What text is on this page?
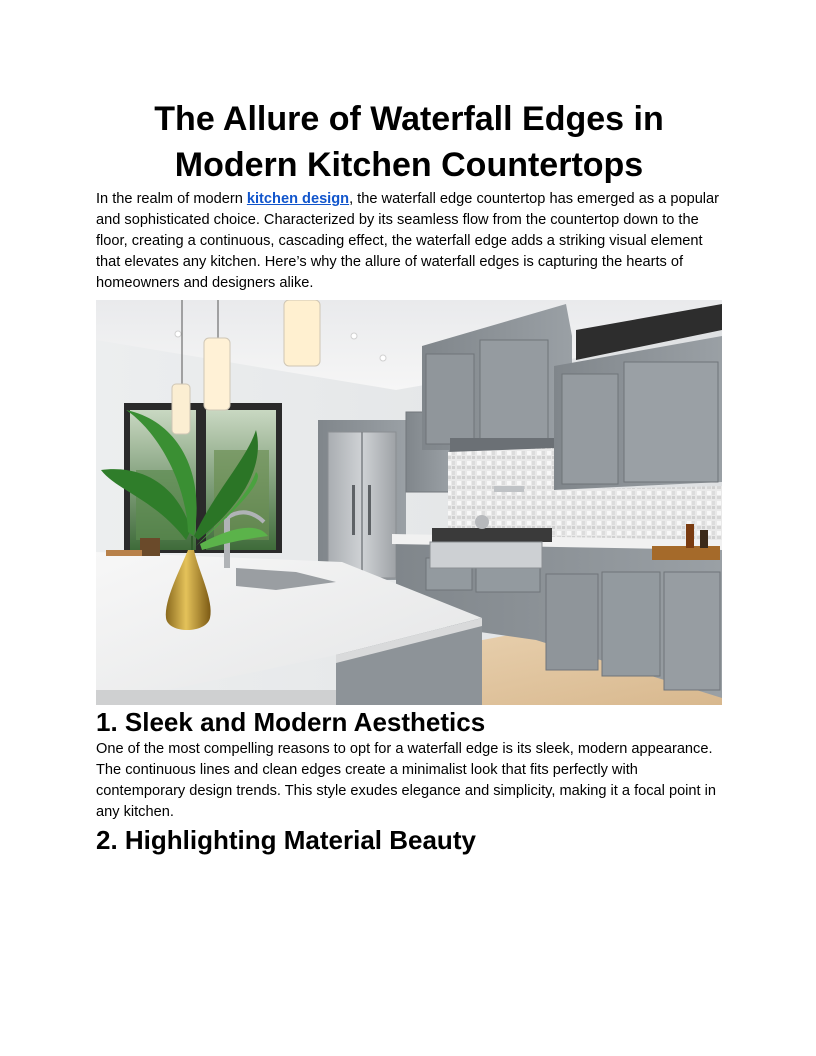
The Allure of Waterfall Edges in Modern Kitchen Countertops

In the realm of modern kitchen design, the waterfall edge countertop has emerged as a popular and sophisticated choice. Characterized by its seamless flow from the countertop down to the floor, creating a continuous, cascading effect, the waterfall edge adds a striking visual element that elevates any kitchen. Here’s why the allure of waterfall edges is capturing the hearts of homeowners and designers alike.

1. Sleek and Modern Aesthetics

One of the most compelling reasons to opt for a waterfall edge is its sleek, modern appearance. The continuous lines and clean edges create a minimalist look that fits perfectly with contemporary design trends. This style exudes elegance and simplicity, making it a focal point in any kitchen.

2. Highlighting Material Beauty
